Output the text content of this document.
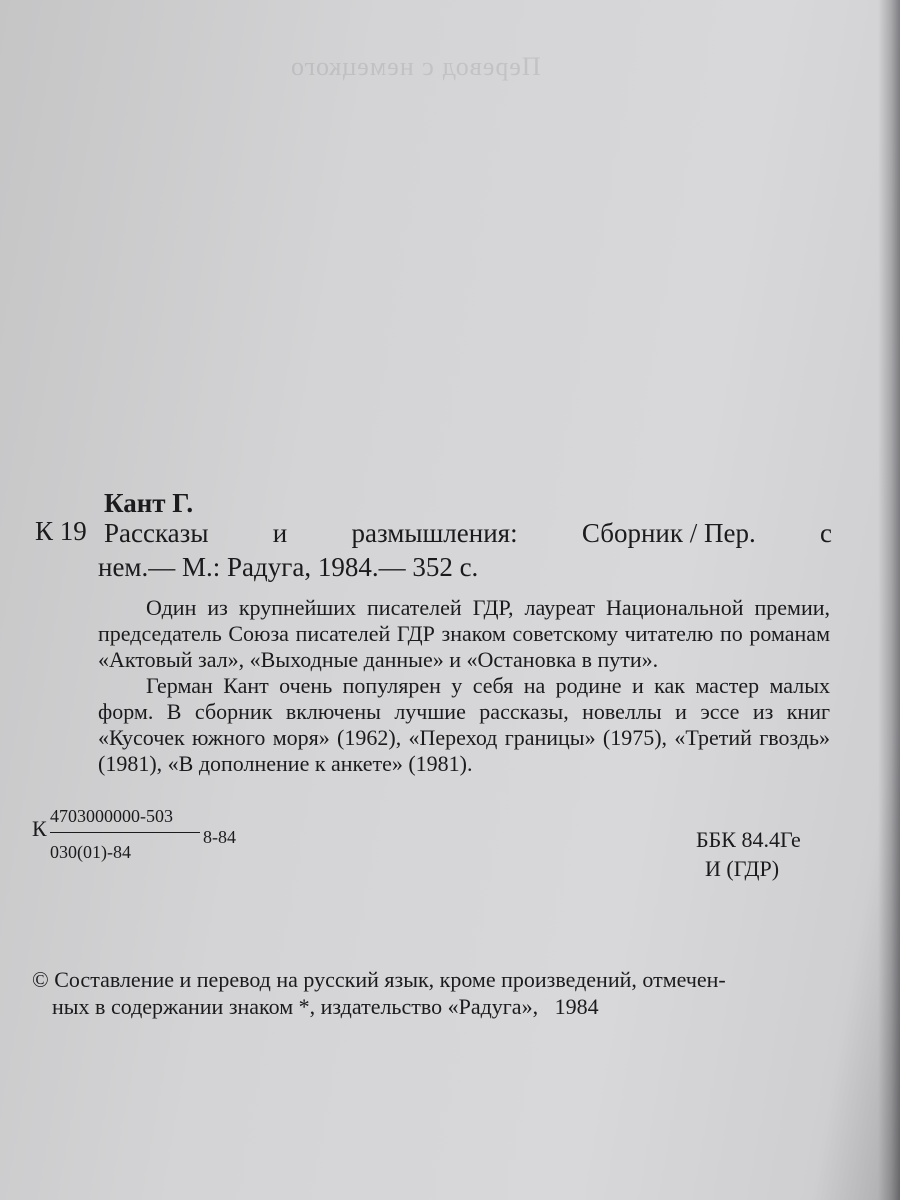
Перевод с немецкого
Кант Г.
К 19 Рассказы и размышления: Сборник / Пер. с
нем.— М.: Радуга, 1984.— 352 с.

Один из крупнейших писателей ГДР, лауреат Национальной премии, председатель Союза писателей ГДР знаком советскому читателю по романам «Актовый зал», «Выходные данные» и «Остановка в пути».

Герман Кант очень популярен у себя на родине и как мастер малых форм. В сборник включены лучшие рассказы, новеллы и эссе из книг «Кусочек южного моря» (1962), «Переход границы» (1975), «Третий гвоздь» (1981), «В дополнение к анкете» (1981).

К 4703000000-503
030(01)-84
8-84	ББК 84.4Ге
И (ГДР)
© Составление и перевод на русский язык, кроме произведений, отмечен-
ных в содержании знаком *, издательство «Радуга», 1984
